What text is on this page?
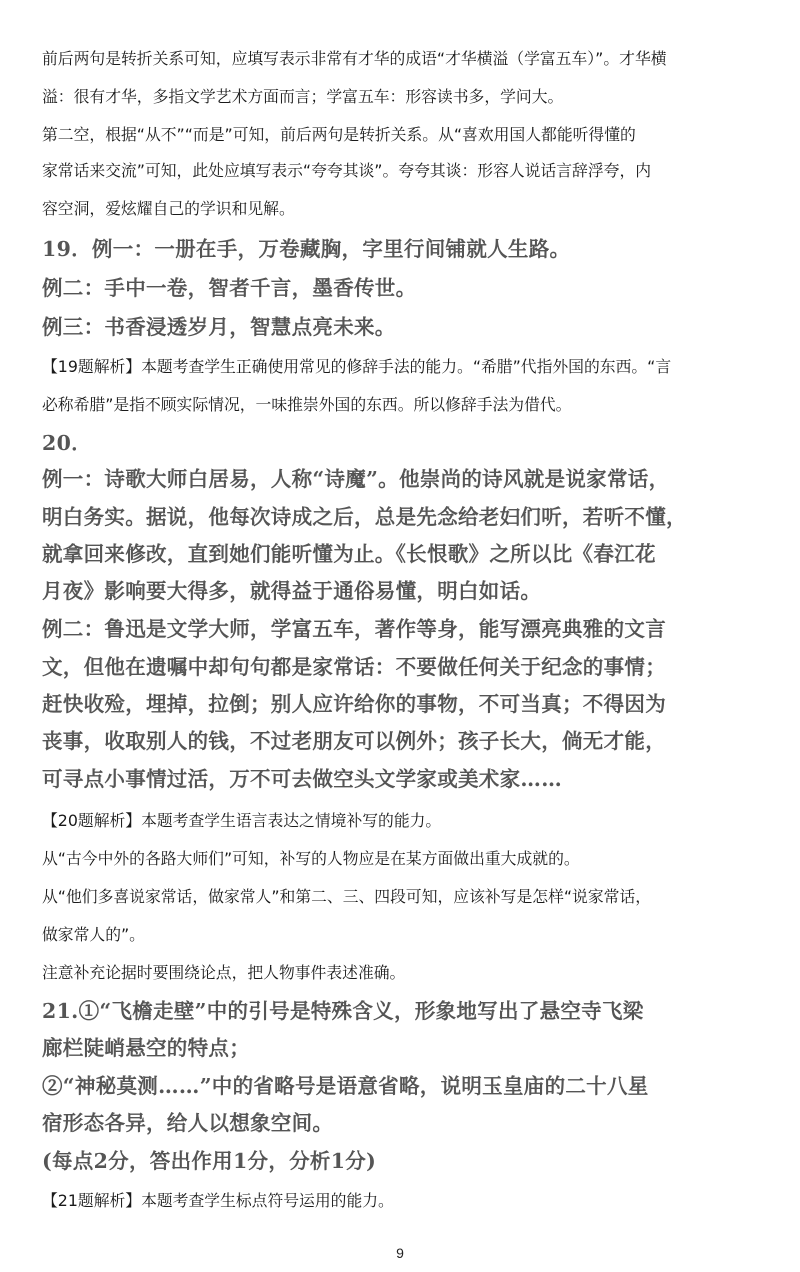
前后两句是转折关系可知，应填写表示非常有才华的成语“才华横溢（学富五车）”。才华横
溢：很有才华，多指文学艺术方面而言；学富五车：形容读书多，学问大。
第二空，根据“从不”“而是”可知，前后两句是转折关系。从“喜欢用国人都能听得懂的
家常话来交流”可知，此处应填写表示“夸夸其谈”。夸夸其谈：形容人说话言辞浮夸，内
容空洞，爱炫耀自己的学识和见解。
19．例一：一册在手，万卷藏胸，字里行间铺就人生路。
例二：手中一卷，智者千言，墨香传世。
例三：书香浸透岁月，智慧点亮未来。
【19题解析】本题考查学生正确使用常见的修辞手法的能力。“希腊”代指外国的东西。“言
必称希腊”是指不顾实际情况，一味推崇外国的东西。所以修辞手法为借代。
20．
例一：诗歌大师白居易，人称“诗魔”。他崇尚的诗风就是说家常话，
明白务实。据说，他每次诗成之后，总是先念给老妇们听，若听不懂，
就拿回来修改，直到她们能听懂为止。《长恨歌》之所以比《春江花
月夜》影响要大得多，就得益于通俗易懂，明白如话。
例二：鲁迅是文学大师，学富五车，著作等身，能写漂亮典雅的文言
文，但他在遗嘱中却句句都是家常话：不要做任何关于纪念的事情；
赶快收殓，埋掉，拉倒；别人应许给你的事物，不可当真；不得因为
丧事，收取别人的钱，不过老朋友可以例外；孩子长大，倘无才能，
可寻点小事情过活，万不可去做空头文学家或美术家……
【20题解析】本题考查学生语言表达之情境补写的能力。
从“古今中外的各路大师们”可知，补写的人物应是在某方面做出重大成就的。
从“他们多喜说家常话，做家常人”和第二、三、四段可知，应该补写是怎样“说家常话，
做家常人的”。
注意补充论据时要围绕论点，把人物事件表述准确。
21.①“飞檐走壁”中的引号是特殊含义，形象地写出了悬空寺飞梁
廊栏陡峭悬空的特点；
②“神秘莫测……”中的省略号是语意省略，说明玉皇庙的二十八星
宿形态各异，给人以想象空间。
(每点2分，答出作用1分，分析1分)
【21题解析】本题考查学生标点符号运用的能力。
9
